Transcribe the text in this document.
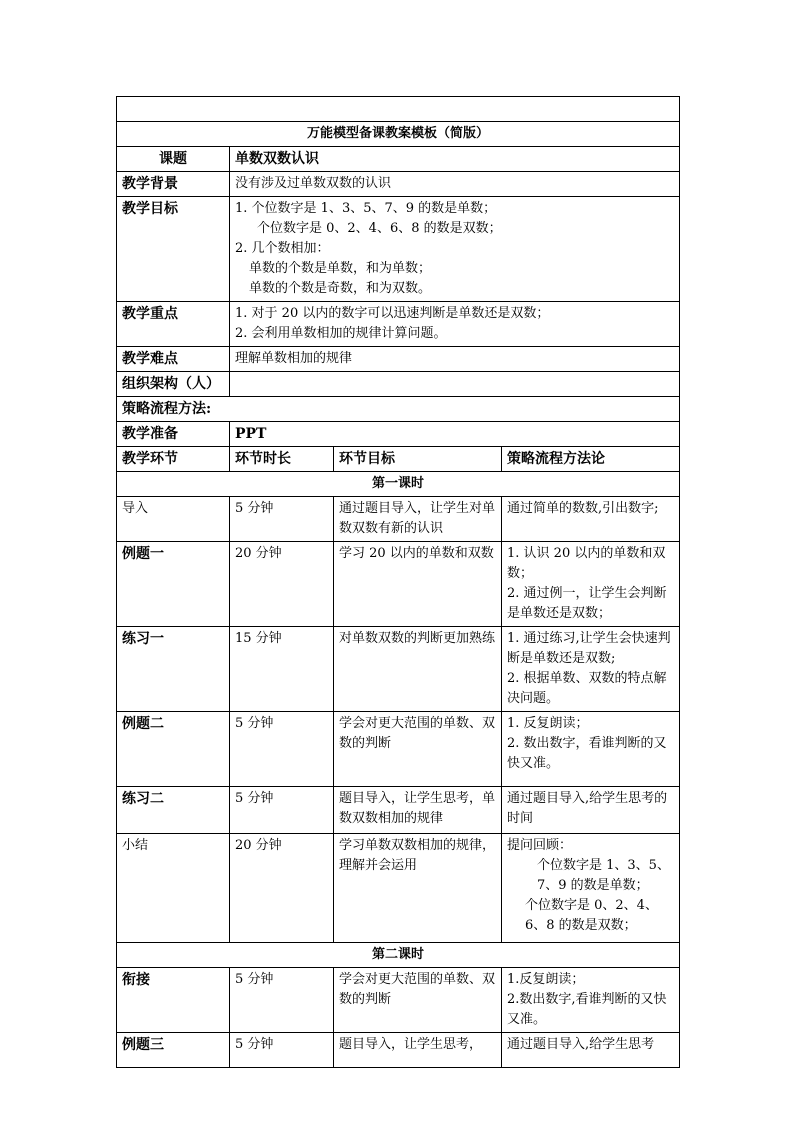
万能模型备课教案模板（简版）			
课题	单数双数认识		
教学背景	没有涉及过单数双数的认识		
教学目标	1. 个位数字是 1、3、5、7、9 的数是单数；
个位数字是 0、2、4、6、8 的数是双数；
2. 几个数相加：
单数的个数是单数，和为单数；
单数的个数是奇数，和为双数。		

教学重点	1. 对于 20 以内的数字可以迅速判断是单数还是双数；
2. 会利用单数相加的规律计算问题。		

教学难点	理解单数相加的规律		
组织架构（人）			
策略流程方法:			
教学准备	PPT		
教学环节	环节时长	环节目标	策略流程方法论
第一课时			
导入	5 分钟	通过题目导入，让学生对单数双数有新的认识	通过简单的数数,引出数字;

例题一	20 分钟	学习 20 以内的单数和双数	1. 认识 20 以内的单数和双数；
2. 通过例一，让学生会判断是单数还是双数；

练习一	15 分钟	对单数双数的判断更加熟练	1. 通过练习,让学生会快速判断是单数还是双数;
2. 根据单数、双数的特点解决问题。

例题二	5 分钟	学会对更大范围的单数、双数的判断	1. 反复朗读；
2. 数出数字，看谁判断的又快又准。

练习二	5 分钟	题目导入，让学生思考，单数双数相加的规律	通过题目导入,给学生思考的时间

小结	20 分钟	学习单数双数相加的规律，理解并会运用	提问回顾：
个位数字是 1、3、5、7、9 的数是单数；
个位数字是 0、2、4、6、8 的数是双数；

第二课时			
衔接	5 分钟	学会对更大范围的单数、双数的判断	1.反复朗读；
2.数出数字,看谁判断的又快又准。

例题三	5 分钟	题目导入，让学生思考，	通过题目导入,给学生思考
